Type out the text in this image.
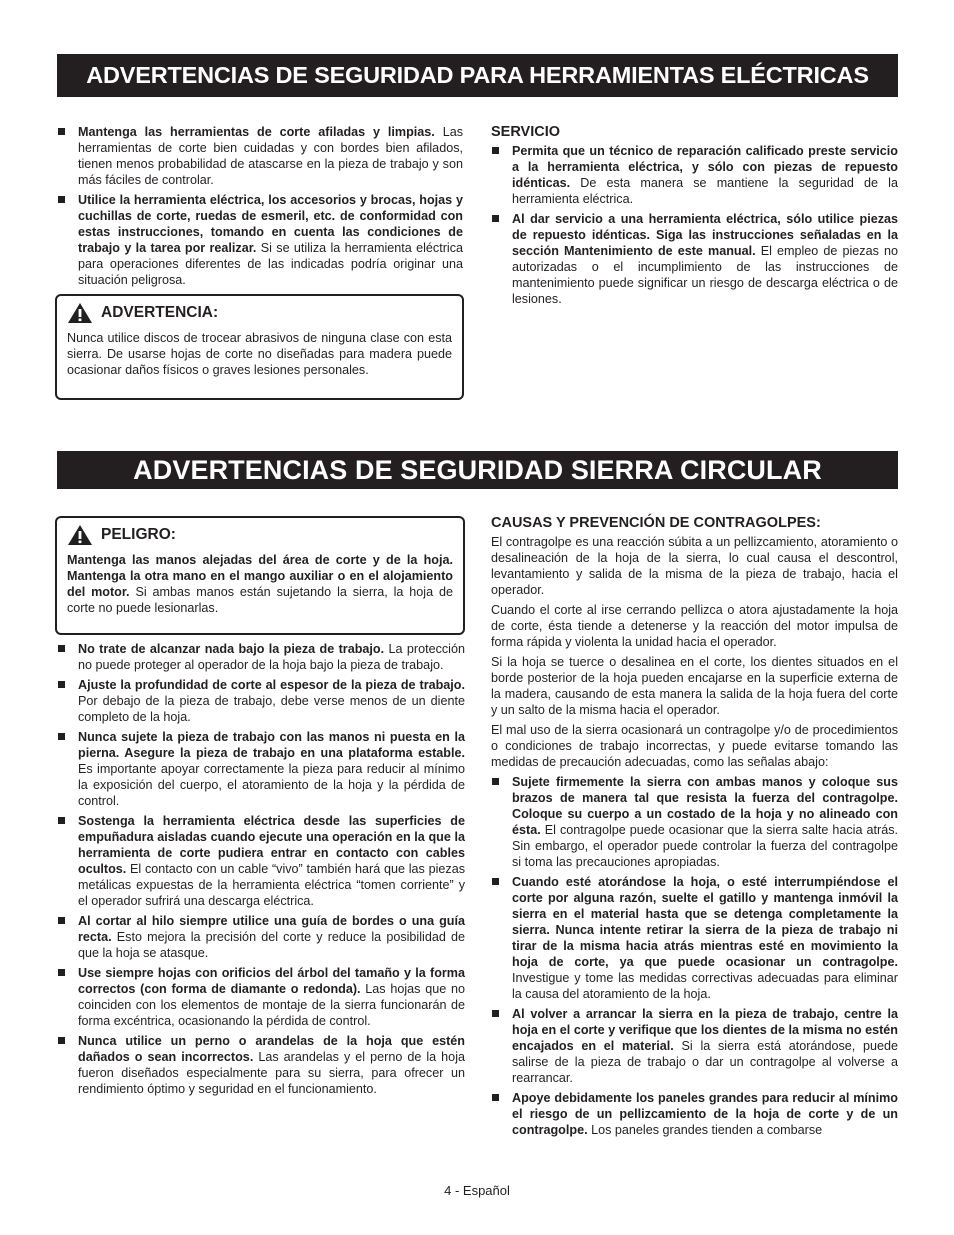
ADVERTENCIAS DE SEGURIDAD PARA HERRAMIENTAS ELÉCTRICAS
Mantenga las herramientas de corte afiladas y limpias. Las herramientas de corte bien cuidadas y con bordes bien afilados, tienen menos probabilidad de atascarse en la pieza de trabajo y son más fáciles de controlar.
Utilice la herramienta eléctrica, los accesorios y brocas, hojas y cuchillas de corte, ruedas de esmeril, etc. de conformidad con estas instrucciones, tomando en cuenta las condiciones de trabajo y la tarea por realizar. Si se utiliza la herramienta eléctrica para operaciones diferentes de las indicadas podría originar una situación peligrosa.
ADVERTENCIA:
Nunca utilice discos de trocear abrasivos de ninguna clase con esta sierra. De usarse hojas de corte no diseñadas para madera puede ocasionar daños físicos o graves lesiones personales.
SERVICIO
Permita que un técnico de reparación calificado preste servicio a la herramienta eléctrica, y sólo con piezas de repuesto idénticas. De esta manera se mantiene la seguridad de la herramienta eléctrica.
Al dar servicio a una herramienta eléctrica, sólo utilice piezas de repuesto idénticas. Siga las instrucciones señaladas en la sección Mantenimiento de este manual. El empleo de piezas no autorizadas o el incumplimiento de las instrucciones de mantenimiento puede significar un riesgo de descarga eléctrica o de lesiones.
ADVERTENCIAS DE SEGURIDAD SIERRA CIRCULAR
PELIGRO:
Mantenga las manos alejadas del área de corte y de la hoja. Mantenga la otra mano en el mango auxiliar o en el alojamiento del motor. Si ambas manos están sujetando la sierra, la hoja de corte no puede lesionarlas.
No trate de alcanzar nada bajo la pieza de trabajo. La protección no puede proteger al operador de la hoja bajo la pieza de trabajo.
Ajuste la profundidad de corte al espesor de la pieza de trabajo. Por debajo de la pieza de trabajo, debe verse menos de un diente completo de la hoja.
Nunca sujete la pieza de trabajo con las manos ni puesta en la pierna. Asegure la pieza de trabajo en una plataforma estable. Es importante apoyar correctamente la pieza para reducir al mínimo la exposición del cuerpo, el atoramiento de la hoja y la pérdida de control.
Sostenga la herramienta eléctrica desde las superficies de empuñadura aisladas cuando ejecute una operación en la que la herramienta de corte pudiera entrar en contacto con cables ocultos. El contacto con un cable “vivo” también hará que las piezas metálicas expuestas de la herramienta eléctrica “tomen corriente” y el operador sufrirá una descarga eléctrica.
Al cortar al hilo siempre utilice una guía de bordes o una guía recta. Esto mejora la precisión del corte y reduce la posibilidad de que la hoja se atasque.
Use siempre hojas con orificios del árbol del tamaño y la forma correctos (con forma de diamante o redonda). Las hojas que no coinciden con los elementos de montaje de la sierra funcionarán de forma excéntrica, ocasionando la pérdida de control.
Nunca utilice un perno o arandelas de la hoja que estén dañados o sean incorrectos. Las arandelas y el perno de la hoja fueron diseñados especialmente para su sierra, para ofrecer un rendimiento óptimo y seguridad en el funcionamiento.
CAUSAS Y PREVENCIÓN DE CONTRAGOLPES:

El contragolpe es una reacción súbita a un pellizcamiento, atoramiento o desalineación de la hoja de la sierra, lo cual causa el descontrol, levantamiento y salida de la misma de la pieza de trabajo, hacia el operador.

Cuando el corte al irse cerrando pellizca o atora ajustadamente la hoja de corte, ésta tiende a detenerse y la reacción del motor impulsa de forma rápida y violenta la unidad hacia el operador.

Si la hoja se tuerce o desalinea en el corte, los dientes situados en el borde posterior de la hoja pueden encajarse en la superficie externa de la madera, causando de esta manera la salida de la hoja fuera del corte y un salto de la misma hacia el operador.

El mal uso de la sierra ocasionará un contragolpe y/o de procedimientos o condiciones de trabajo incorrectas, y puede evitarse tomando las medidas de precaución adecuadas, como las señalas abajo:

Sujete firmemente la sierra con ambas manos y coloque sus brazos de manera tal que resista la fuerza del contragolpe. Coloque su cuerpo a un costado de la hoja y no alineado con ésta. El contragolpe puede ocasionar que la sierra salte hacia atrás. Sin embargo, el operador puede controlar la fuerza del contragolpe si toma las precauciones apropiadas.
Cuando esté atorándose la hoja, o esté interrumpiéndose el corte por alguna razón, suelte el gatillo y mantenga inmóvil la sierra en el material hasta que se detenga completamente la sierra. Nunca intente retirar la sierra de la pieza de trabajo ni tirar de la misma hacia atrás mientras esté en movimiento la hoja de corte, ya que puede ocasionar un contragolpe. Investigue y tome las medidas correctivas adecuadas para eliminar la causa del atoramiento de la hoja.
Al volver a arrancar la sierra en la pieza de trabajo, centre la hoja en el corte y verifique que los dientes de la misma no estén encajados en el material. Si la sierra está atorándose, puede salirse de la pieza de trabajo o dar un contragolpe al volverse a rearrancar.
Apoye debidamente los paneles grandes para reducir al mínimo el riesgo de un pellizcamiento de la hoja de corte y de un contragolpe. Los paneles grandes tienden a combarse
4 - Español
